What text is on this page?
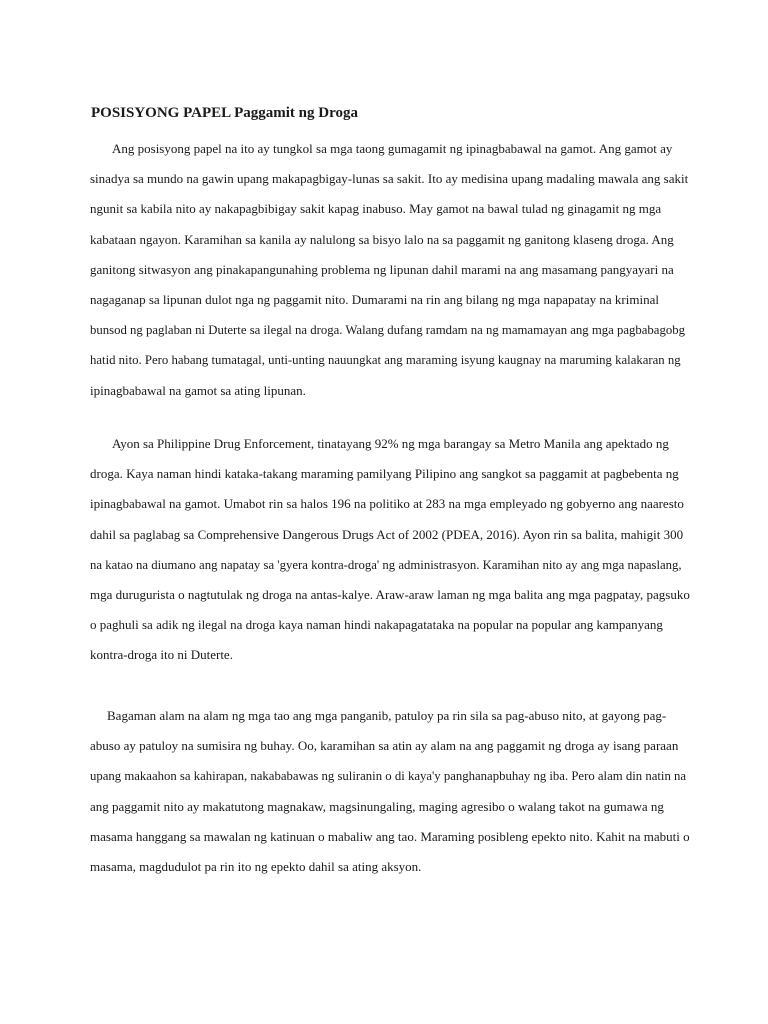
POSISYONG PAPEL Paggamit ng Droga
Ang posisyong papel na ito ay tungkol sa mga taong gumagamit ng ipinagbabawal na gamot. Ang gamot ay
sinadya sa mundo na gawin upang makapagbigay-lunas sa sakit. Ito ay medisina upang madaling mawala ang sakit
ngunit sa kabila nito ay nakapagbibigay sakit kapag inabuso. May gamot na bawal tulad ng ginagamit ng mga
kabataan ngayon. Karamihan sa kanila ay nalulong sa bisyo lalo na sa paggamit ng ganitong klaseng droga. Ang
ganitong sitwasyon ang pinakapangunahing problema ng lipunan dahil marami na ang masamang pangyayari na
nagaganap sa lipunan dulot nga ng paggamit nito. Dumarami na rin ang bilang ng mga napapatay na kriminal
bunsod ng paglaban ni Duterte sa ilegal na droga. Walang dufang ramdam na ng mamamayan ang mga pagbabagobg
hatid nito. Pero habang tumatagal, unti-unting nauungkat ang maraming isyung kaugnay na maruming kalakaran ng
ipinagbabawal na gamot sa ating lipunan.
Ayon sa Philippine Drug Enforcement, tinatayang 92% ng mga barangay sa Metro Manila ang apektado ng
droga. Kaya naman hindi kataka-takang maraming pamilyang Pilipino ang sangkot sa paggamit at pagbebenta ng
ipinagbabawal na gamot. Umabot rin sa halos 196 na politiko at 283 na mga empleyado ng gobyerno ang naaresto
dahil sa paglabag sa Comprehensive Dangerous Drugs Act of 2002 (PDEA, 2016). Ayon rin sa balita, mahigit 300
na katao na diumano ang napatay sa 'gyera kontra-droga' ng administrasyon. Karamihan nito ay ang mga napaslang,
mga durugurista o nagtutulak ng droga na antas-kalye. Araw-araw laman ng mga balita ang mga pagpatay, pagsuko
o paghuli sa adik ng ilegal na droga kaya naman hindi nakapagatataka na popular na popular ang kampanyang
kontra-droga ito ni Duterte.
Bagaman alam na alam ng mga tao ang mga panganib, patuloy pa rin sila sa pag-abuso nito, at gayong pag-
abuso ay patuloy na sumisira ng buhay. Oo, karamihan sa atin ay alam na ang paggamit ng droga ay isang paraan
upang makaahon sa kahirapan, nakababawas ng suliranin o di kaya'y panghanapbuhay ng iba. Pero alam din natin na
ang paggamit nito ay makatutong magnakaw, magsinungaling, maging agresibo o walang takot na gumawa ng
masama hanggang sa mawalan ng katinuan o mabaliw ang tao. Maraming posibleng epekto nito. Kahit na mabuti o
masama, magdudulot pa rin ito ng epekto dahil sa ating aksyon.
